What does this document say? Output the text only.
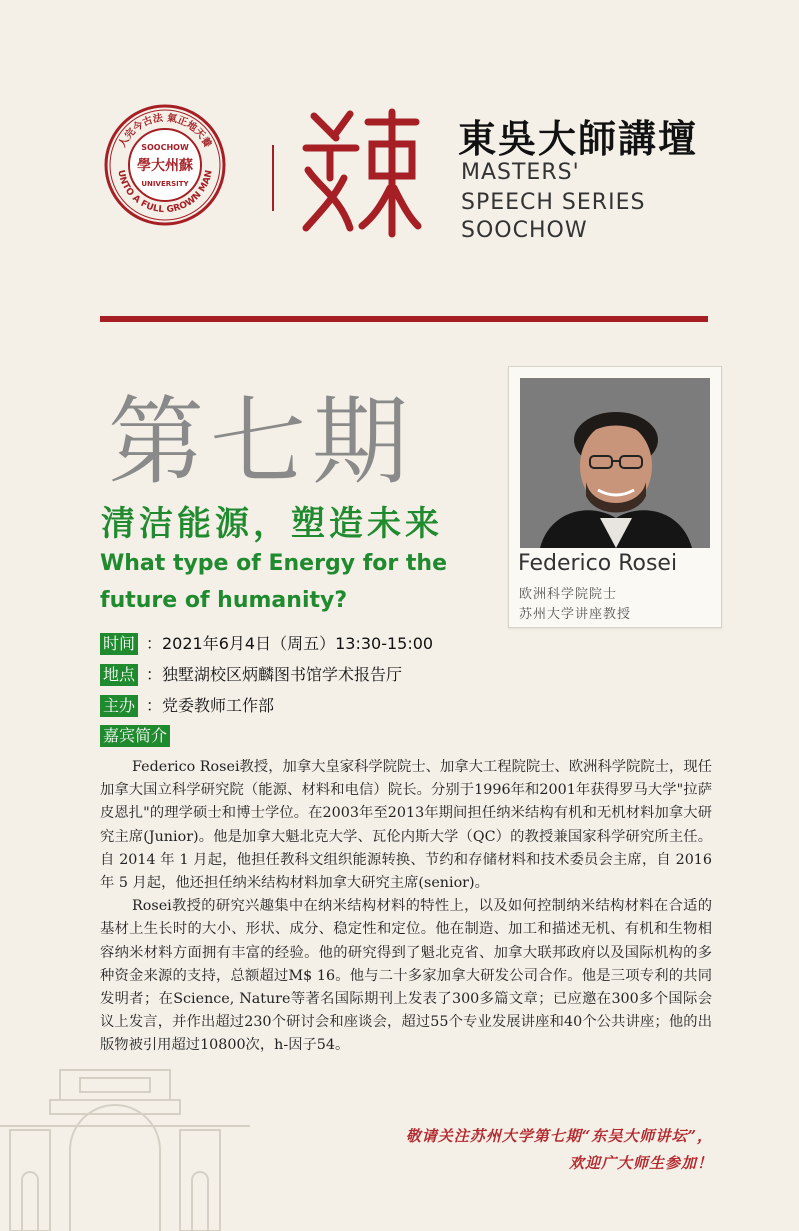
人完今古法 氣正地天養
UNTO A FULL GROWN MAN
SOOCHOW
學大州蘇
UNIVERSITY
東吳大師講壇
MASTERS'
SPEECH SERIES
SOOCHOW
第七期
清洁能源，塑造未来
What type of Energy for the
future of humanity?
Federico Rosei
欧洲科学院院士
苏州大学讲座教授
时间 ：2021年6月4日（周五）13:30-15:00
地点 ：独墅湖校区炳麟图书馆学术报告厅
主办 ：党委教师工作部
嘉宾简介

Federico Rosei教授，加拿大皇家科学院院士、加拿大工程院院士、欧洲科学院院士，现任加拿大国立科学研究院（能源、材料和电信）院长。分别于1996年和2001年获得罗马大学"拉萨皮恩扎"的理学硕士和博士学位。在2003年至2013年期间担任纳米结构有机和无机材料加拿大研究主席(Junior)。他是加拿大魁北克大学、瓦伦内斯大学（QC）的教授兼国家科学研究所主任。自 2014 年 1 月起，他担任教科文组织能源转换、节约和存储材料和技术委员会主席，自 2016 年 5 月起，他还担任纳米结构材料加拿大研究主席(senior)。

Rosei教授的研究兴趣集中在纳米结构材料的特性上，以及如何控制纳米结构材料在合适的基材上生长时的大小、形状、成分、稳定性和定位。他在制造、加工和描述无机、有机和生物相容纳米材料方面拥有丰富的经验。他的研究得到了魁北克省、加拿大联邦政府以及国际机构的多种资金来源的支持，总额超过M$ 16。他与二十多家加拿大研发公司合作。他是三项专利的共同发明者；在Science, Nature等著名国际期刊上发表了300多篇文章；已应邀在300多个国际会议上发言，并作出超过230个研讨会和座谈会，超过55个专业发展讲座和40个公共讲座；他的出版物被引用超过10800次，h-因子54。

敬请关注苏州大学第七期“东吴大师讲坛”，
欢迎广大师生参加！
